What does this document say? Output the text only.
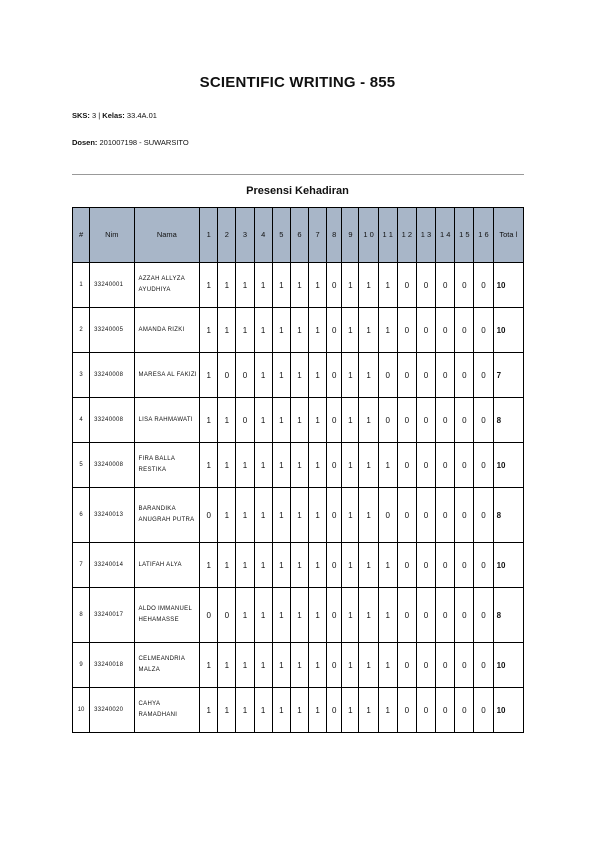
SCIENTIFIC WRITING - 855
SKS: 3 | Kelas: 33.4A.01
Dosen: 201007198 - SUWARSITO
Presensi Kehadiran
#	Nim	Nama	1	2	3	4	5	6	7	8	9	1 0	1 1	1 2	1 3	1 4	1 5	1 6	Tota l
1	33240001	AZZAH ALLYZA AYUDHIYA	1	1	1	1	1	1	1	0	1	1	1	0	0	0	0	0	10
2	33240005	AMANDA RIZKI	1	1	1	1	1	1	1	0	1	1	1	0	0	0	0	0	10
3	33240008	MARESA AL FAKIZI	1	0	0	1	1	1	1	0	1	1	0	0	0	0	0	0	7
4	33240008	LISA RAHMAWATI	1	1	0	1	1	1	1	0	1	1	0	0	0	0	0	0	8
5	33240008	FIRA BALLA RESTIKA	1	1	1	1	1	1	1	0	1	1	1	0	0	0	0	0	10
6	33240013	BARANDIKA ANUGRAH PUTRA	0	1	1	1	1	1	1	0	1	1	0	0	0	0	0	0	8
7	33240014	LATIFAH ALYA	1	1	1	1	1	1	1	0	1	1	1	0	0	0	0	0	10
8	33240017	ALDO IMMANUEL HEHAMASSE	0	0	1	1	1	1	1	0	1	1	1	0	0	0	0	0	8
9	33240018	CELMEANDRIA MALZA	1	1	1	1	1	1	1	0	1	1	1	0	0	0	0	0	10
10	33240020	CAHYA RAMADHANI	1	1	1	1	1	1	1	0	1	1	1	0	0	0	0	0	10
